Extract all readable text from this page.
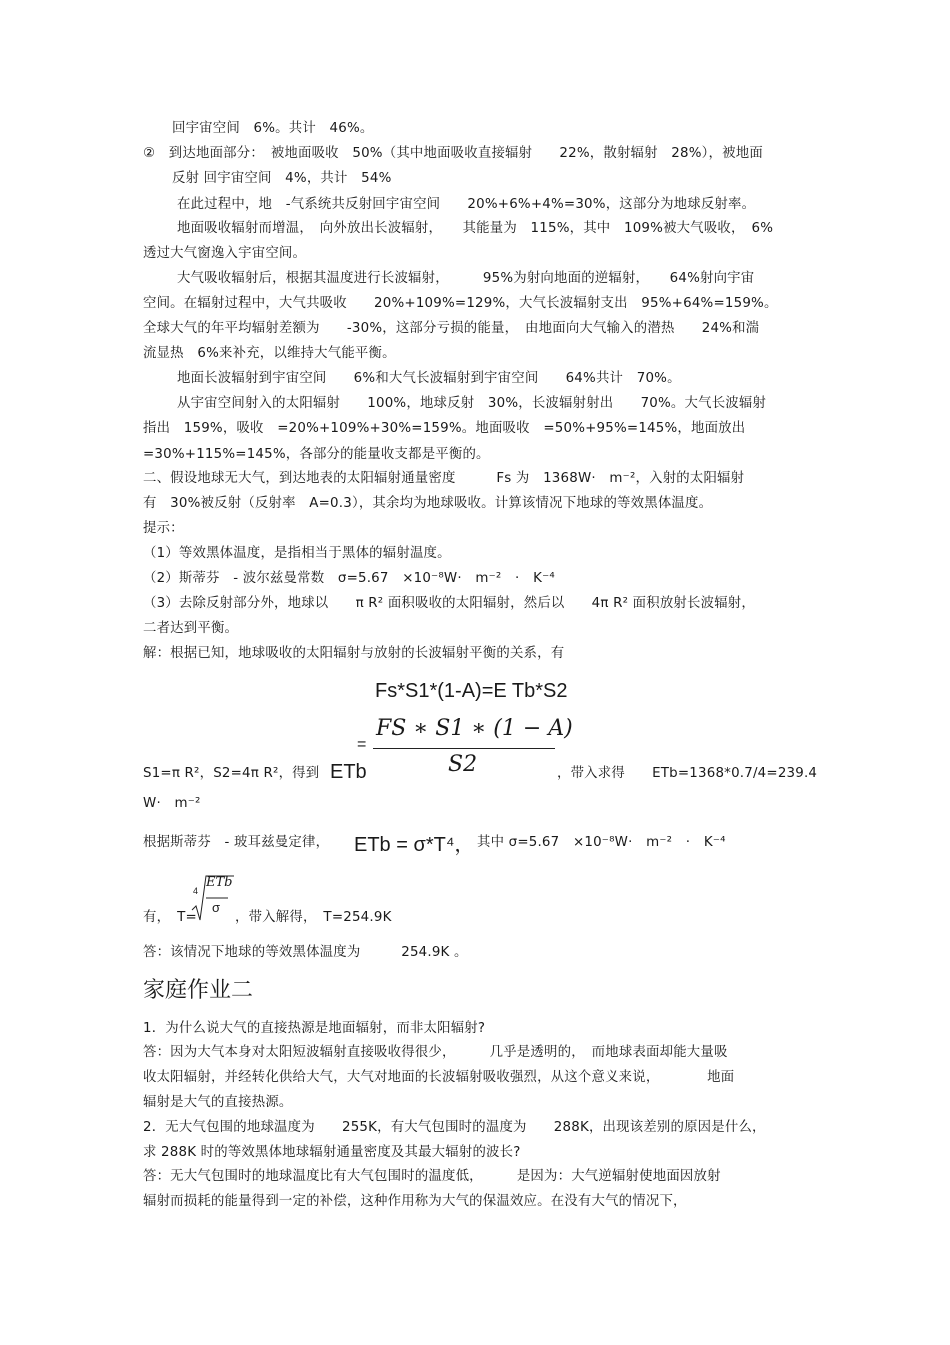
回宇宙空间　6%。共计　46%。
②　到达地面部分：　被地面吸收　50%（其中地面吸收直接辐射　　22%，散射辐射　28%），被地面
反射 回宇宙空间　4%，共计　54%
在此过程中，地　-气系统共反射回宇宙空间　　20%+6%+4%=30%，这部分为地球反射率。
地面吸收辐射而增温，　向外放出长波辐射，　　其能量为　115%，其中　109%被大气吸收，　6%
透过大气窗逸入宇宙空间。
大气吸收辐射后，根据其温度进行长波辐射，　　　95%为射向地面的逆辐射，　　64%射向宇宙
空间。在辐射过程中，大气共吸收　　20%+109%=129%，大气长波辐射支出　95%+64%=159%。
全球大气的年平均辐射差额为　　-30%，这部分亏损的能量，　由地面向大气输入的潜热　　24%和湍
流显热　6%来补充，以维持大气能平衡。
地面长波辐射到宇宙空间　　6%和大气长波辐射到宇宙空间　　64%共计　70%。
从宇宙空间射入的太阳辐射　　100%，地球反射　30%，长波辐射射出　　70%。大气长波辐射
指出　159%，吸收　=20%+109%+30%=159%。地面吸收　=50%+95%=145%，地面放出
=30%+115%=145%，各部分的能量收支都是平衡的。
二、假设地球无大气，到达地表的太阳辐射通量密度　　　Fs 为　1368W·　m⁻²，入射的太阳辐射
有　30%被反射（反射率　A=0.3），其余均为地球吸收。计算该情况下地球的等效黑体温度。
提示：
（1）等效黑体温度，是指相当于黑体的辐射温度。
（2）斯蒂芬　- 波尔兹曼常数　σ=5.67　×10⁻⁸W·　m⁻²　·　K⁻⁴
（3）去除反射部分外，地球以　　π R² 面积吸收的太阳辐射，然后以　　4π R² 面积放射长波辐射，
二者达到平衡。
解：根据已知，地球吸收的太阳辐射与放射的长波辐射平衡的关系，有
Fs*S1*(1-A)=E Tb*S2
=
FS ∗ S1 ∗ (1 − A)
S2
S1=π R²，S2=4π R²，得到 ETb	，带入求得　　ETb=1368*0.7/4=239.4
W·　m⁻²
根据斯蒂芬　- 玻耳兹曼定律， ETb = σ*T⁴， 其中 σ=5.67　×10⁻⁸W·　m⁻²　·　K⁻⁴
有，　T=
4
ETb
σ
，带入解得，　T=254.9K
答：该情况下地球的等效黑体温度为　　　254.9K 。
家庭作业二
1．为什么说大气的直接热源是地面辐射，而非太阳辐射?
答：因为大气本身对太阳短波辐射直接吸收得很少，　　　几乎是透明的，　而地球表面却能大量吸
收太阳辐射，并经转化供给大气，大气对地面的长波辐射吸收强烈，从这个意义来说，　　　　地面
辐射是大气的直接热源。
2．无大气包围的地球温度为　　255K，有大气包围时的温度为　　288K，出现该差别的原因是什么，
求 288K 时的等效黑体地球辐射通量密度及其最大辐射的波长?
答：无大气包围时的地球温度比有大气包围时的温度低，　　　是因为：大气逆辐射使地面因放射
辐射而损耗的能量得到一定的补偿，这种作用称为大气的保温效应。在没有大气的情况下，
